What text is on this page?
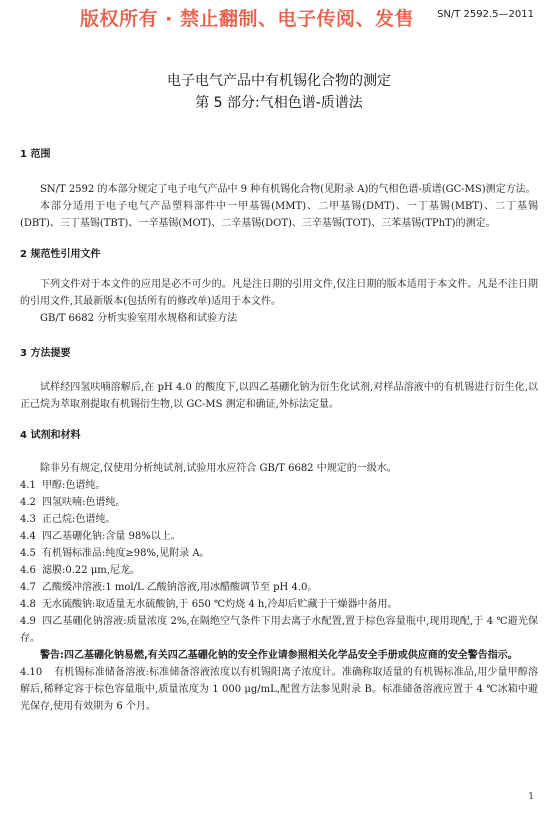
版权所有 · 禁止翻制、电子传阅、发售 SN/T 2592.5—2011
电子电气产品中有机锡化合物的测定
第 5 部分:气相色谱-质谱法

1 范围

SN/T 2592 的本部分规定了电子电气产品中 9 种有机锡化合物(见附录 A)的气相色谱-质谱(GC-MS)测定方法。

本部分适用于电子电气产品塑料部件中一甲基锡(MMT)、二甲基锡(DMT)、一丁基锡(MBT)、二丁基锡(DBT)、三丁基锡(TBT)、一辛基锡(MOT)、二辛基锡(DOT)、三辛基锡(TOT)、三苯基锡(TPhT)的测定。

2 规范性引用文件

下列文件对于本文件的应用是必不可少的。凡是注日期的引用文件,仅注日期的版本适用于本文件。凡是不注日期的引用文件,其最新版本(包括所有的修改单)适用于本文件。

GB/T 6682 分析实验室用水规格和试验方法

3 方法提要

试样经四氢呋喃溶解后,在 pH 4.0 的酸度下,以四乙基硼化钠为衍生化试剂,对样品溶液中的有机锡进行衍生化,以正己烷为萃取剂提取有机锡衍生物,以 GC-MS 测定和确证,外标法定量。

4 试剂和材料

除非另有规定,仅使用分析纯试剂,试验用水应符合 GB/T 6682 中规定的一级水。

4.1 甲醇:色谱纯。

4.2 四氢呋喃:色谱纯。

4.3 正己烷:色谱纯。

4.4 四乙基硼化钠:含量 98%以上。

4.5 有机锡标准品:纯度≥98%,见附录 A。

4.6 滤膜:0.22 μm,尼龙。

4.7 乙酸缓冲溶液:1 mol/L 乙酸钠溶液,用冰醋酸调节至 pH 4.0。

4.8 无水硫酸钠:取适量无水硫酸钠,于 650 ℃灼烧 4 h,冷却后贮藏于干燥器中备用。

4.9 四乙基硼化钠溶液:质量浓度 2%,在隔绝空气条件下用去离子水配置,置于棕色容量瓶中,现用现配,于 4 ℃避光保存。

警告:四乙基硼化钠易燃,有关四乙基硼化钠的安全作业请参照相关化学品安全手册或供应商的安全警告指示。

4.10 有机锡标准储备溶液:标准储备溶液浓度以有机锡阳离子浓度计。准确称取适量的有机锡标准品,用少量甲醇溶解后,稀释定容于棕色容量瓶中,质量浓度为 1 000 μg/mL,配置方法参见附录 B。标准储备溶液应置于 4 ℃冰箱中避光保存,使用有效期为 6 个月。

1
